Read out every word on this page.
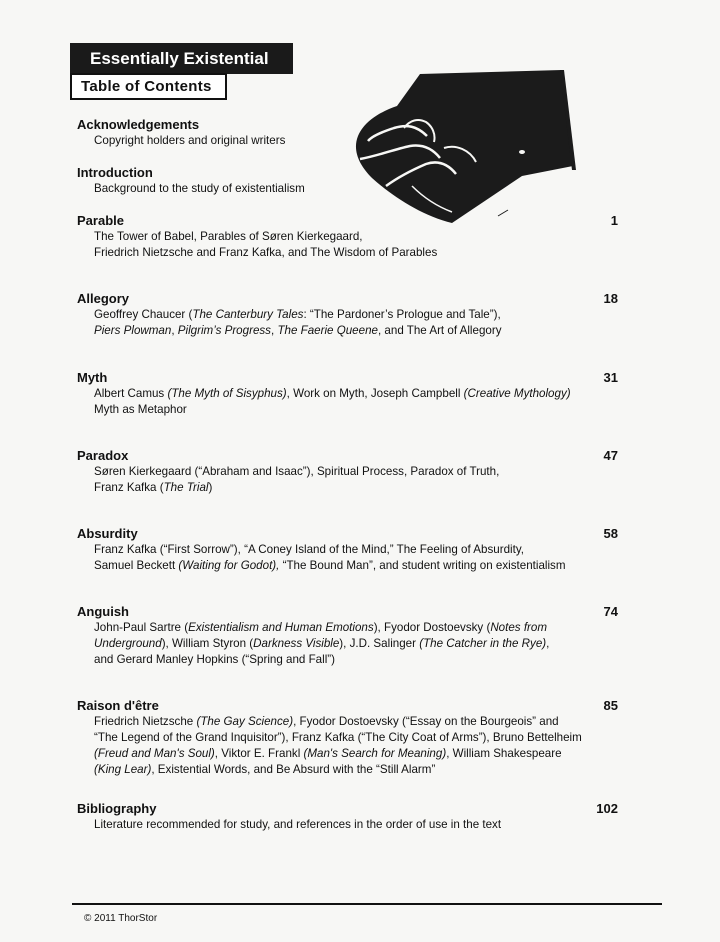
Essentially Existential
Table of Contents
Acknowledgements
Copyright holders and original writers
Introduction
Background to the study of existentialism
Parable	1
The Tower of Babel, Parables of Søren Kierkegaard,
Friedrich Nietzsche and Franz Kafka, and The Wisdom of Parables
Allegory	18
Geoffrey Chaucer (The Canterbury Tales: “The Pardoner’s Prologue and Tale”),
Piers Plowman, Pilgrim’s Progress, The Faerie Queene, and The Art of Allegory
Myth	31
Albert Camus (The Myth of Sisyphus), Work on Myth, Joseph Campbell (Creative Mythology)
Myth as Metaphor
Paradox	47
Søren Kierkegaard (“Abraham and Isaac”), Spiritual Process, Paradox of Truth,
Franz Kafka (The Trial)
Absurdity	58
Franz Kafka (“First Sorrow”), “A Coney Island of the Mind,” The Feeling of Absurdity,
Samuel Beckett (Waiting for Godot), “The Bound Man”, and student writing on existentialism
Anguish	74
John-Paul Sartre (Existentialism and Human Emotions), Fyodor Dostoevsky (Notes from
Underground), William Styron (Darkness Visible), J.D. Salinger (The Catcher in the Rye),
and Gerard Manley Hopkins (“Spring and Fall”)
Raison d'être	85
Friedrich Nietzsche (The Gay Science), Fyodor Dostoevsky (“Essay on the Bourgeois” and
“The Legend of the Grand Inquisitor”), Franz Kafka (“The City Coat of Arms”), Bruno Bettelheim
(Freud and Man's Soul), Viktor E. Frankl (Man's Search for Meaning), William Shakespeare
(King Lear), Existential Words, and Be Absurd with the “Still Alarm”
Bibliography	102
Literature recommended for study, and references in the order of use in the text
© 2011 ThorStor
